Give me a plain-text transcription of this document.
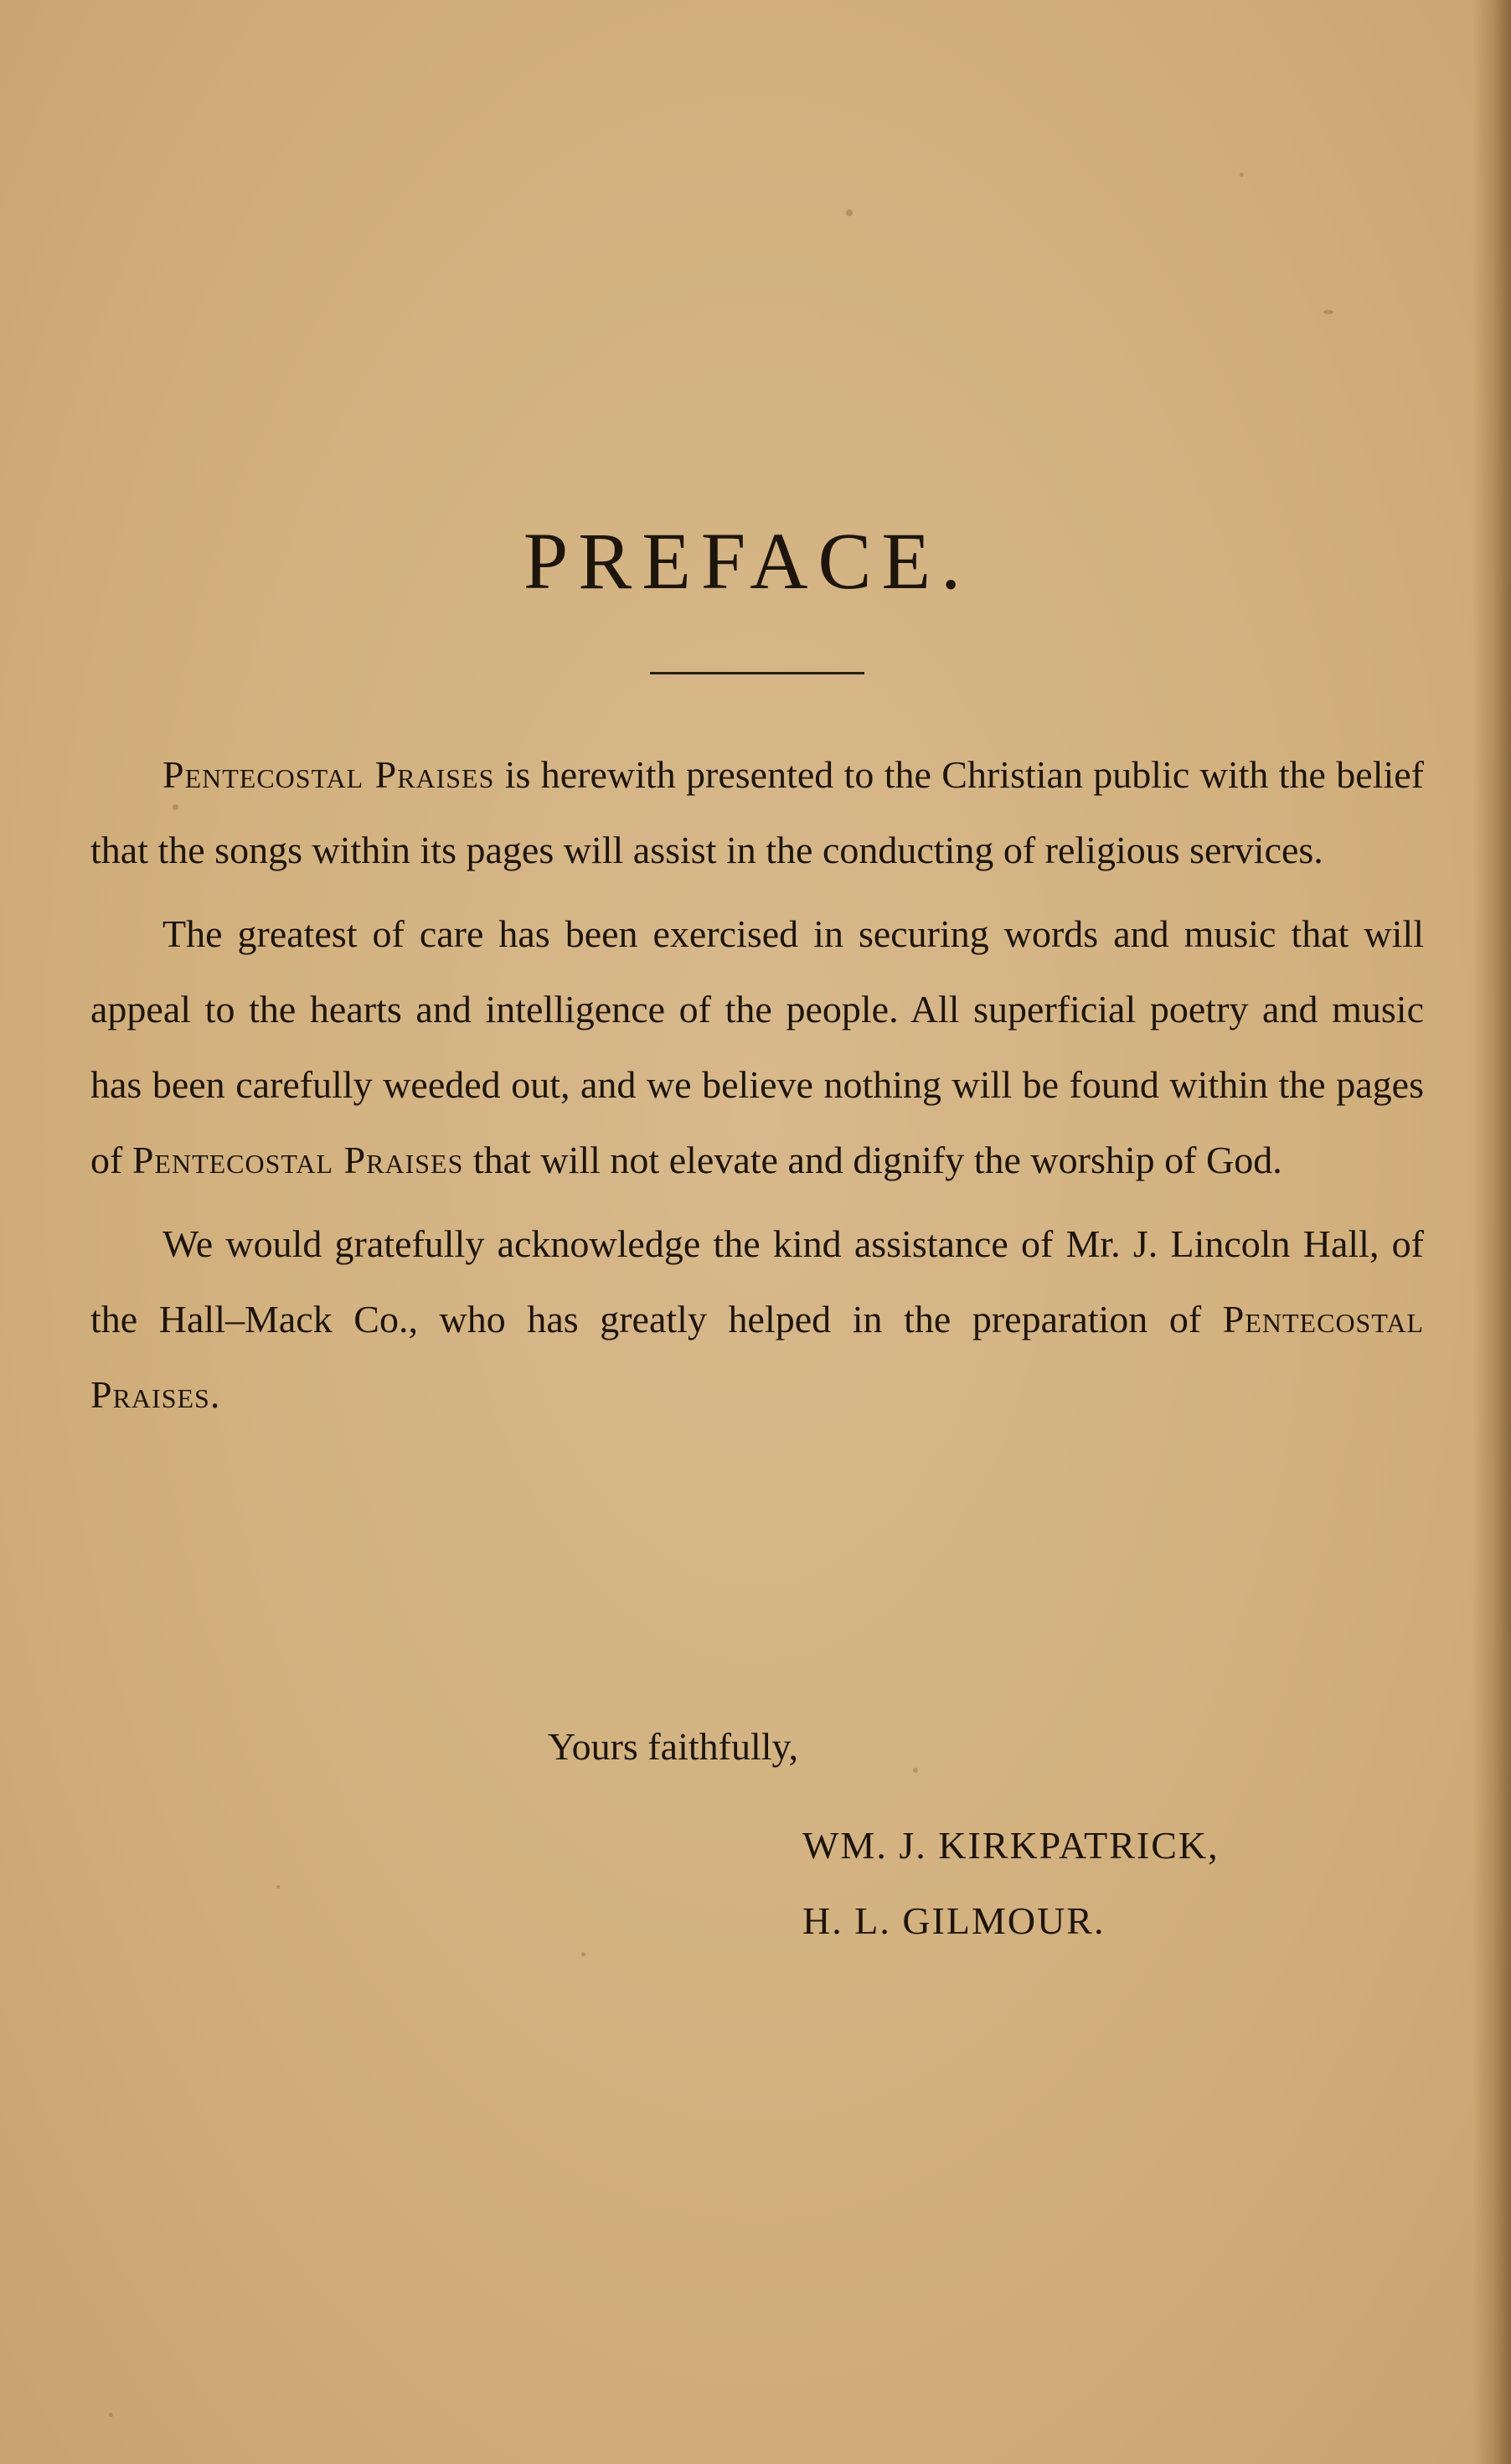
PREFACE.

Pentecostal Praises is herewith presented to the Christian public with the belief that the songs within its pages will assist in the conducting of religious services.

The greatest of care has been exercised in securing words and music that will appeal to the hearts and intelligence of the people. All superficial poetry and music has been carefully weeded out, and we believe nothing will be found within the pages of Pentecostal Praises that will not elevate and dignify the worship of God.

We would gratefully acknowledge the kind assistance of Mr. J. Lincoln Hall, of the Hall–Mack Co., who has greatly helped in the preparation of Pentecostal Praises.

Yours faithfully,

WM. J. KIRKPATRICK,
H. L. GILMOUR.
